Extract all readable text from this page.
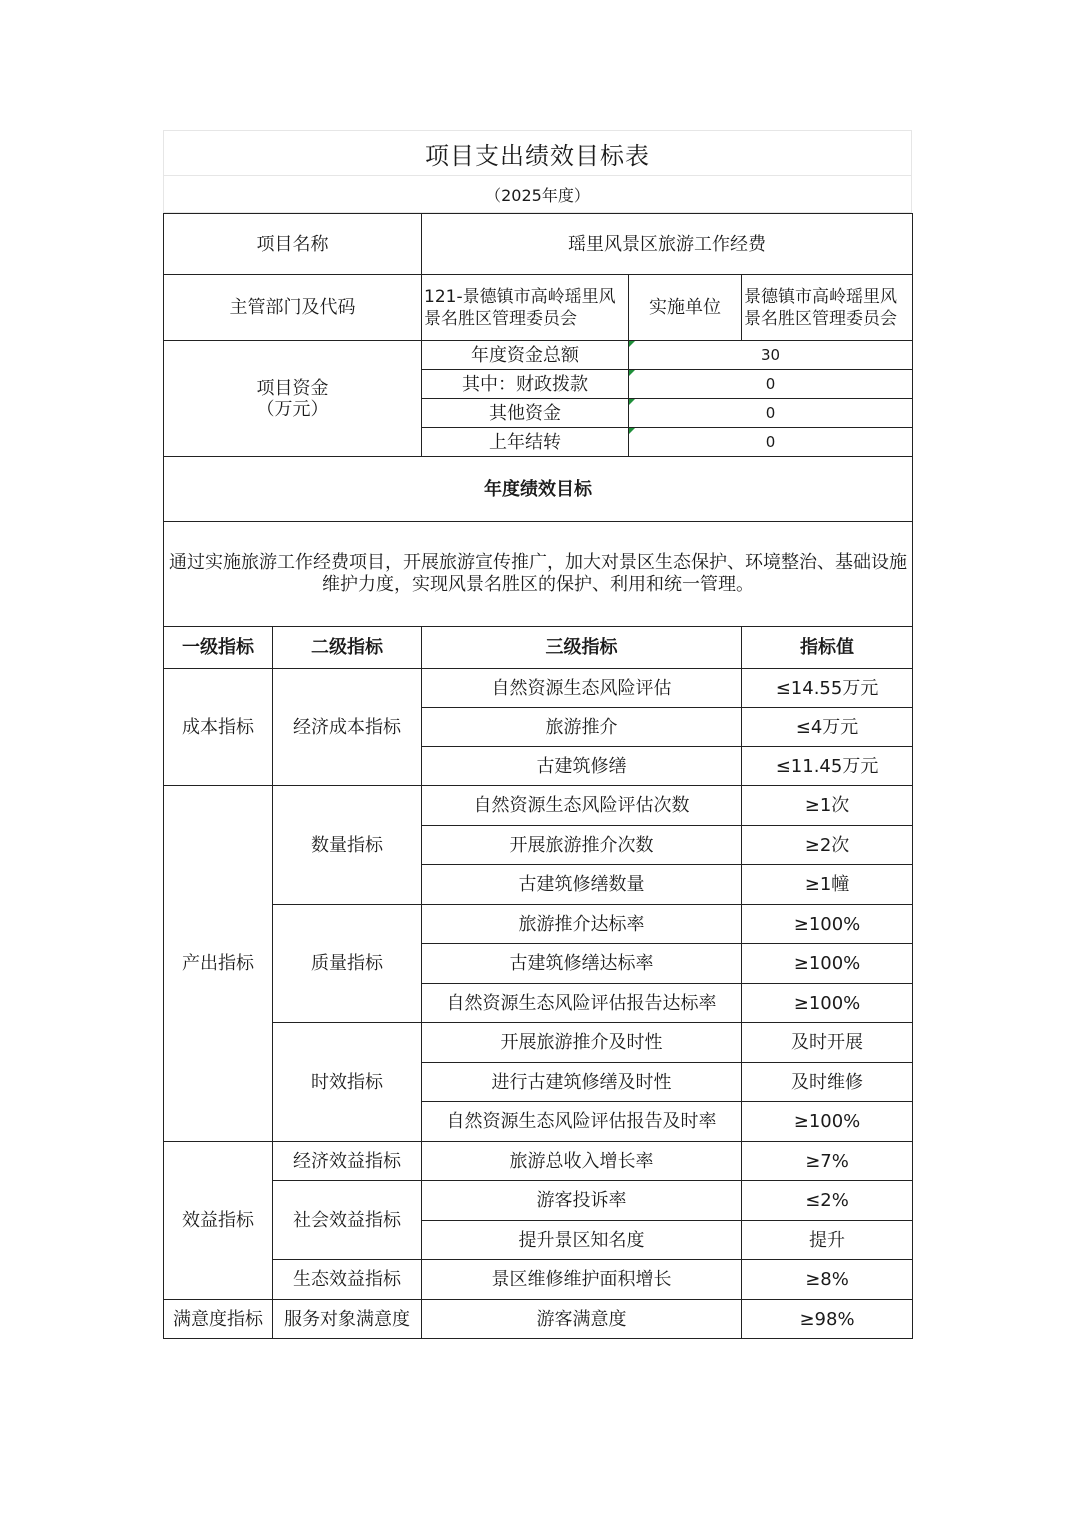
项目支出绩效目标表
（2025年度）
项目名称		瑶里风景区旅游工作经费		
主管部门及代码		121-景德镇市高岭瑶里风景名胜区管理委员会	实施单位	景德镇市高岭瑶里风景名胜区管理委员会

项目资金
（万元）		年度资金总额	30	
		其中：财政拨款	0	
		其他资金	0	
		上年结转	0	
年度绩效目标				
通过实施旅游工作经费项目，开展旅游宣传推广，加大对景区生态保护、环境整治、基础设施维护力度，实现风景名胜区的保护、利用和统一管理。				
一级指标	二级指标	三级指标		指标值
成本指标	经济成本指标	自然资源生态风险评估		≤14.55万元
		旅游推介		≤4万元
		古建筑修缮		≤11.45万元
产出指标	数量指标	自然资源生态风险评估次数		≥1次
		开展旅游推介次数		≥2次
		古建筑修缮数量		≥1幢
	质量指标	旅游推介达标率		≥100%
		古建筑修缮达标率		≥100%
		自然资源生态风险评估报告达标率		≥100%
	时效指标	开展旅游推介及时性		及时开展
		进行古建筑修缮及时性		及时维修
		自然资源生态风险评估报告及时率		≥100%
效益指标	经济效益指标	旅游总收入增长率		≥7%
	社会效益指标	游客投诉率		≤2%
		提升景区知名度		提升
	生态效益指标	景区维修维护面积增长		≥8%
满意度指标	服务对象满意度	游客满意度		≥98%
